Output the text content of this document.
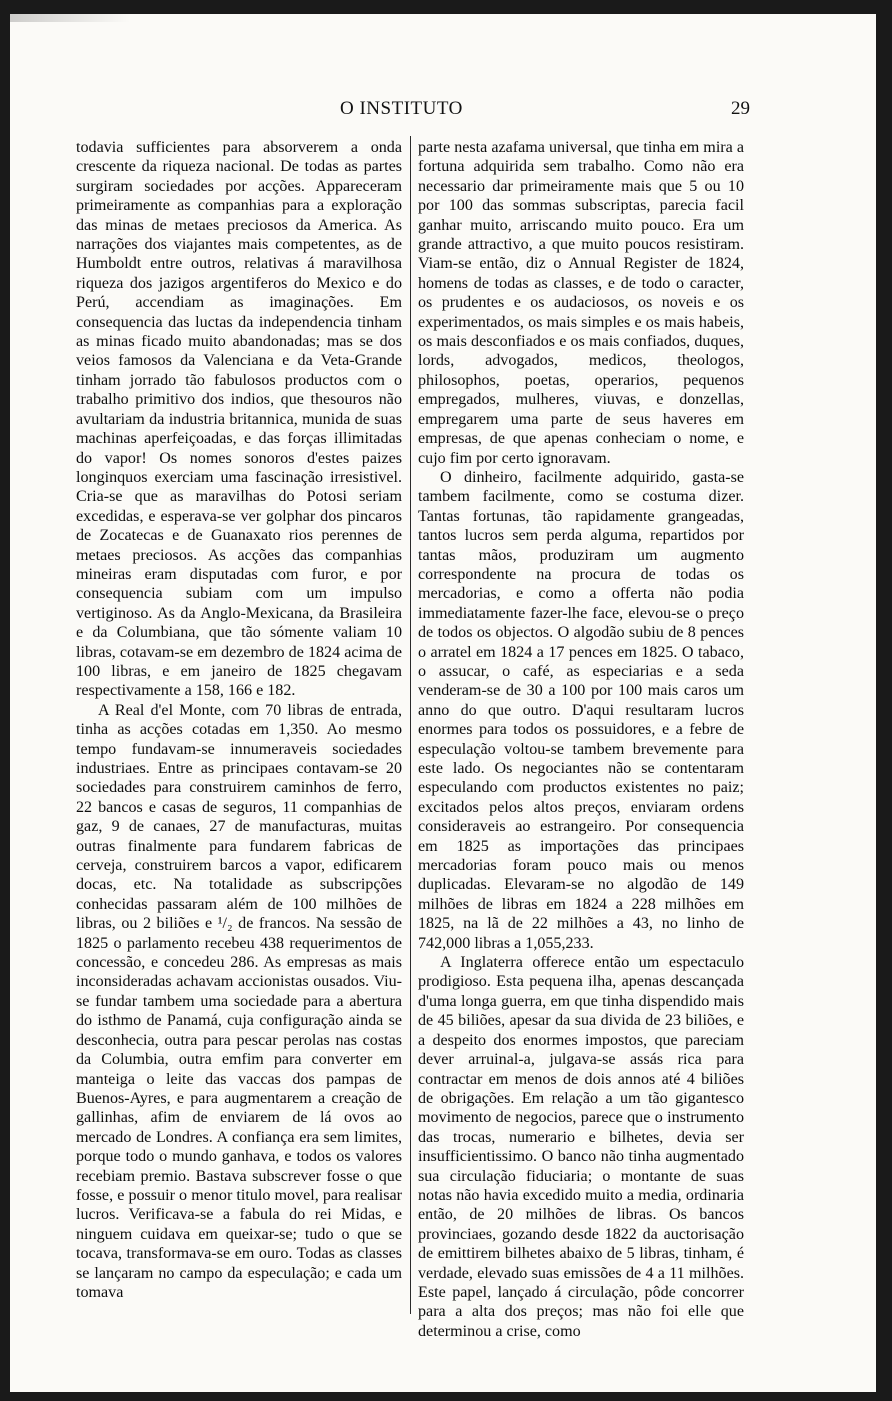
O INSTITUTO	29

todavia sufficientes para absorverem a onda crescente da riqueza nacional. De todas as partes surgiram sociedades por acções. Appareceram primeiramente as companhias para a exploração das minas de metaes preciosos da America. As narrações dos viajantes mais competentes, as de Humboldt entre outros, relativas á maravilhosa riqueza dos jazigos argentiferos do Mexico e do Perú, accendiam as imaginações. Em consequencia das luctas da independencia tinham as minas ficado muito abandonadas; mas se dos veios famosos da Valenciana e da Veta-Grande tinham jorrado tão fabulosos productos com o trabalho primitivo dos indios, que thesouros não avultariam da industria britannica, munida de suas machinas aperfeiçoadas, e das forças illimitadas do vapor! Os nomes sonoros d'estes paizes longinquos exerciam uma fascinação irresistivel. Cria-se que as maravilhas do Potosi seriam excedidas, e esperava-se ver golphar dos pincaros de Zocatecas e de Guanaxato rios perennes de metaes preciosos. As acções das companhias mineiras eram disputadas com furor, e por consequencia subiam com um impulso vertiginoso. As da Anglo-Mexicana, da Brasileira e da Columbiana, que tão sómente valiam 10 libras, cotavam-se em dezembro de 1824 acima de 100 libras, e em janeiro de 1825 chegavam respectivamente a 158, 166 e 182.

A Real d'el Monte, com 70 libras de entrada, tinha as acções cotadas em 1,350. Ao mesmo tempo fundavam-se innumeraveis sociedades industriaes. Entre as principaes contavam-se 20 sociedades para construirem caminhos de ferro, 22 bancos e casas de seguros, 11 companhias de gaz, 9 de canaes, 27 de manufacturas, muitas outras finalmente para fundarem fabricas de cerveja, construirem barcos a vapor, edificarem docas, etc. Na totalidade as subscripções conhecidas passaram além de 100 milhões de libras, ou 2 biliões e ¹/₂ de francos. Na sessão de 1825 o parlamento recebeu 438 requerimentos de concessão, e concedeu 286. As empresas as mais inconsideradas achavam accionistas ousados. Viu-se fundar tambem uma sociedade para a abertura do isthmo de Panamá, cuja configuração ainda se desconhecia, outra para pescar perolas nas costas da Columbia, outra emfim para converter em manteiga o leite das vaccas dos pampas de Buenos-Ayres, e para augmentarem a creação de gallinhas, afim de enviarem de lá ovos ao mercado de Londres. A confiança era sem limites, porque todo o mundo ganhava, e todos os valores recebiam premio. Bastava subscrever fosse o que fosse, e possuir o menor titulo movel, para realisar lucros. Verificava-se a fabula do rei Midas, e ninguem cuidava em queixar-se; tudo o que se tocava, transformava-se em ouro. Todas as classes se lançaram no campo da especulação; e cada um tomava

parte nesta azafama universal, que tinha em mira a fortuna adquirida sem trabalho. Como não era necessario dar primeiramente mais que 5 ou 10 por 100 das sommas subscriptas, parecia facil ganhar muito, arriscando muito pouco. Era um grande attractivo, a que muito poucos resistiram. Viam-se então, diz o Annual Register de 1824, homens de todas as classes, e de todo o caracter, os prudentes e os audaciosos, os noveis e os experimentados, os mais simples e os mais habeis, os mais desconfiados e os mais confiados, duques, lords, advogados, medicos, theologos, philosophos, poetas, operarios, pequenos empregados, mulheres, viuvas, e donzellas, empregarem uma parte de seus haveres em empresas, de que apenas conheciam o nome, e cujo fim por certo ignoravam.

O dinheiro, facilmente adquirido, gasta-se tambem facilmente, como se costuma dizer. Tantas fortunas, tão rapidamente grangeadas, tantos lucros sem perda alguma, repartidos por tantas mãos, produziram um augmento correspondente na procura de todas os mercadorias, e como a offerta não podia immediatamente fazer-lhe face, elevou-se o preço de todos os objectos. O algodão subiu de 8 pences o arratel em 1824 a 17 pences em 1825. O tabaco, o assucar, o café, as especiarias e a seda venderam-se de 30 a 100 por 100 mais caros um anno do que outro. D'aqui resultaram lucros enormes para todos os possuidores, e a febre de especulação voltou-se tambem brevemente para este lado. Os negociantes não se contentaram especulando com productos existentes no paiz; excitados pelos altos preços, enviaram ordens consideraveis ao estrangeiro. Por consequencia em 1825 as importações das principaes mercadorias foram pouco mais ou menos duplicadas. Elevaram-se no algodão de 149 milhões de libras em 1824 a 228 milhões em 1825, na lã de 22 milhões a 43, no linho de 742,000 libras a 1,055,233.

A Inglaterra offerece então um espectaculo prodigioso. Esta pequena ilha, apenas descançada d'uma longa guerra, em que tinha dispendido mais de 45 biliões, apesar da sua divida de 23 biliões, e a despeito dos enormes impostos, que pareciam dever arruinal-a, julgava-se assás rica para contractar em menos de dois annos até 4 biliões de obrigações. Em relação a um tão gigantesco movimento de negocios, parece que o instrumento das trocas, numerario e bilhetes, devia ser insufficientissimo. O banco não tinha augmentado sua circulação fiduciaria; o montante de suas notas não havia excedido muito a media, ordinaria então, de 20 milhões de libras. Os bancos provinciaes, gozando desde 1822 da auctorisação de emittirem bilhetes abaixo de 5 libras, tinham, é verdade, elevado suas emissões de 4 a 11 milhões. Este papel, lançado á circulação, pôde concorrer para a alta dos preços; mas não foi elle que determinou a crise, como
